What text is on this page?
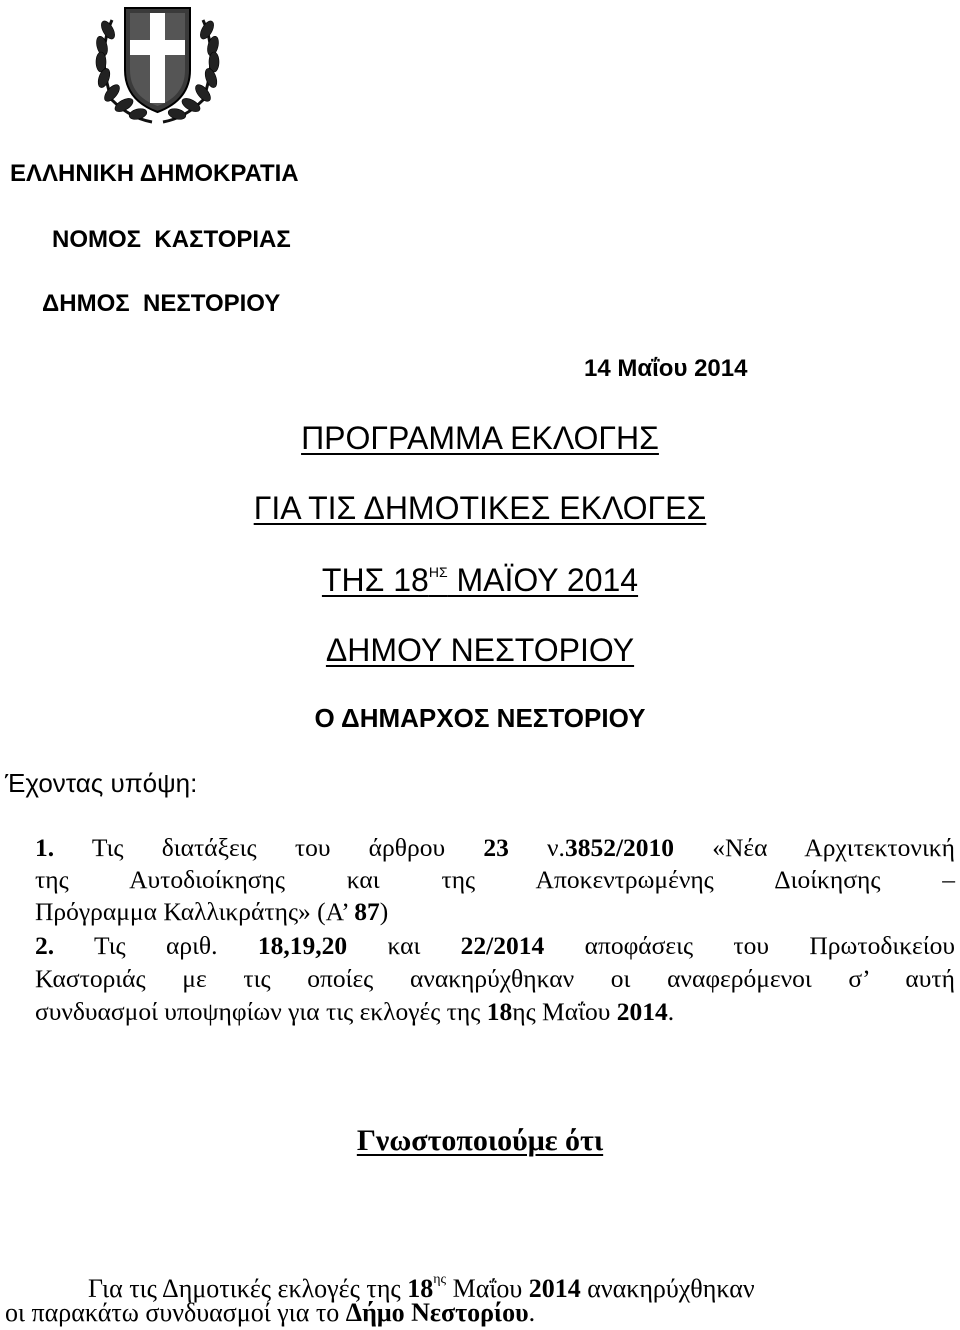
ΕΛΛΗΝΙΚΗ ΔΗΜΟΚΡΑΤΙΑ
ΝΟΜΟΣ  ΚΑΣΤΟΡΙΑΣ
ΔΗΜΟΣ  ΝΕΣΤΟΡΙΟΥ
14 Μαΐου 2014
ΠΡΟΓΡΑΜΜΑ ΕΚΛΟΓΗΣ
ΓΙΑ ΤΙΣ ΔΗΜΟΤΙΚΕΣ ΕΚΛΟΓΕΣ
ΤΗΣ $18^{H\Sigma}$ ΜΑΪΟΥ 2014
ΔΗΜΟΥ ΝΕΣΤΟΡΙΟΥ
Ο ΔΗΜΑΡΧΟΣ ΝΕΣΤΟΡΙΟΥ
Έχοντας υπόψη:
1. Τις διατάξεις του άρθρου 23 ν.3852/2010 «Νέα Αρχιτεκτονική
της Αυτοδιοίκησης και της Αποκεντρωμένης Διοίκησης –
Πρόγραμμα Καλλικράτης» (Α’ 87)
2. Τις αριθ. 18,19,20 και 22/2014 αποφάσεις του Πρωτοδικείου
Καστοριάς με τις οποίες ανακηρύχθηκαν οι αναφερόμενοι σ’ αυτή
συνδυασμοί υποψηφίων για τις εκλογές της 18ης Μαΐου 2014.
Γνωστοποιούμε ότι
Για τις Δημοτικές εκλογές της $18^{\eta\varsigma}$ Μαΐου 2014 ανακηρύχθηκαν
οι παρακάτω συνδυασμοί για το Δήμο Νεστορίου.
